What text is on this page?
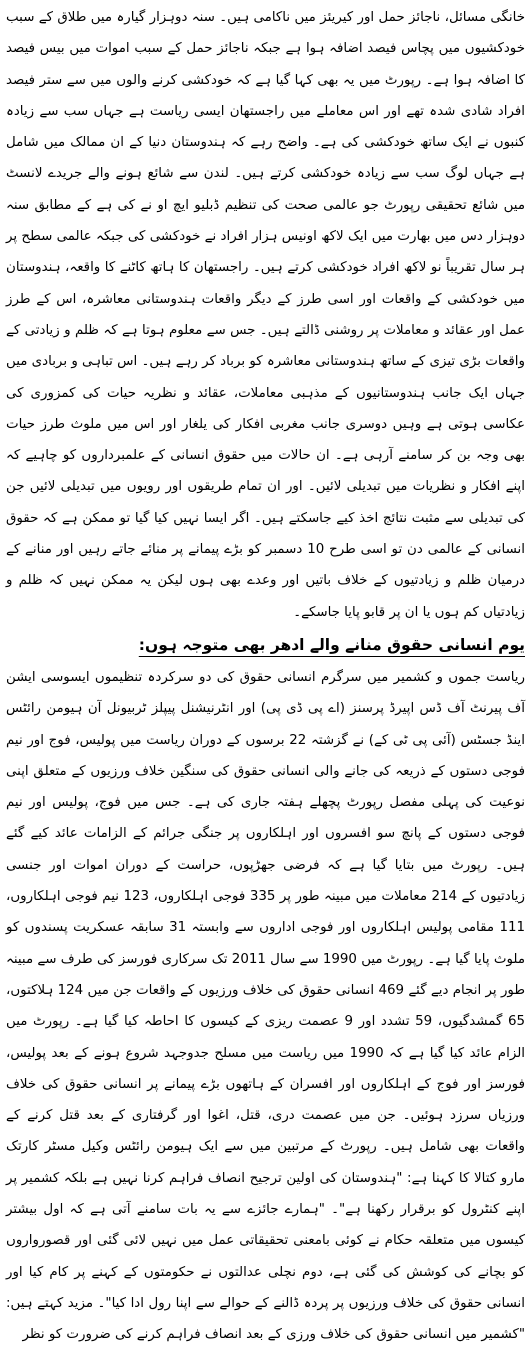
خانگی مسائل، ناجائز حمل اور کیریئز میں ناکامی ہیں۔ سنہ دوہزار گیارہ میں طلاق کے سبب خودکشیوں میں پچاس فیصد اضافہ ہوا ہے جبکہ ناجائز حمل کے سبب اموات میں بیس فیصد کا اضافہ ہوا ہے۔ رپورٹ میں یہ بھی کہا گیا ہے کہ خودکشی کرنے والوں میں سے ستر فیصد افراد شادی شدہ تھے اور اس معاملے میں راجستھان ایسی ریاست ہے جہاں سب سے زیادہ کنبوں نے ایک ساتھ خودکشی کی ہے۔ واضح رہے کہ ہندوستان دنیا کے ان ممالک میں شامل ہے جہاں لوگ سب سے زیادہ خودکشی کرتے ہیں۔ لندن سے شائع ہونے والے جریدے لانسٹ میں شائع تحقیقی رپورٹ جو عالمی صحت کی تنظیم ڈبلیو ایچ او نے کی ہے کے مطابق سنہ دوہزار دس میں بھارت میں ایک لاکھ اونیس ہزار افراد نے خودکشی کی جبکہ عالمی سطح پر ہر سال تقریباً نو لاکھ افراد خودکشی کرتے ہیں۔ راجستھان کا ہاتھ کاٹنے کا واقعہ، ہندوستان میں خودکشی کے واقعات اور اسی طرز کے دیگر واقعات ہندوستانی معاشرہ، اس کے طرز عمل اور عقائد و معاملات پر روشنی ڈالتے ہیں۔ جس سے معلوم ہوتا ہے کہ ظلم و زیادتی کے واقعات بڑی تیزی کے ساتھ ہندوستانی معاشرہ کو برباد کر رہے ہیں۔ اس تباہی و بربادی میں جہاں ایک جانب ہندوستانیوں کے مذہبی معاملات، عقائد و نظریہ حیات کی کمزوری کی عکاسی ہوتی ہے وہیں دوسری جانب مغربی افکار کی یلغار اور اس میں ملوث طرز حیات بھی وجہ بن کر سامنے آرہی ہے۔ ان حالات میں حقوق انسانی کے علمبرداروں کو چاہیے کہ اپنے افکار و نظریات میں تبدیلی لائیں۔ اور ان تمام طریقوں اور رویوں میں تبدیلی لائیں جن کی تبدیلی سے مثبت نتائج اخذ کیے جاسکتے ہیں۔ اگر ایسا نہیں کیا گیا تو ممکن ہے کہ حقوق انسانی کے عالمی دن تو اسی طرح 10 دسمبر کو بڑے پیمانے پر منائے جاتے رہیں اور منانے کے درمیان ظلم و زیادتیوں کے خلاف باتیں اور وعدے بھی ہوں لیکن یہ ممکن نہیں کہ ظلم و زیادتیاں کم ہوں یا ان پر قابو پایا جاسکے۔

یوم انسانی حقوق منانے والے ادھر بھی متوجہ ہوں:

ریاست جموں و کشمیر میں سرگرم انسانی حقوق کی دو سرکردہ تنظیموں ایسوسی ایشن آف پیرنٹ آف ڈس اپیرڈ پرسنز (اے پی ڈی پی) اور انٹرنیشنل پیپلز ٹربیونل آن ہیومن رائٹس اینڈ جسٹس (آئی پی ٹی کے) نے گزشتہ 22 برسوں کے دوران ریاست میں پولیس، فوج اور نیم فوجی دستوں کے ذریعہ کی جانے والی انسانی حقوق کی سنگین خلاف ورزیوں کے متعلق اپنی نوعیت کی پہلی مفصل رپورٹ پچھلے ہفتہ جاری کی ہے۔ جس میں فوج، پولیس اور نیم فوجی دستوں کے پانچ سو افسروں اور اہلکاروں پر جنگی جرائم کے الزامات عائد کیے گئے ہیں۔ رپورٹ میں بتایا گیا ہے کہ فرضی جھڑپوں، حراست کے دوران اموات اور جنسی زیادتیوں کے 214 معاملات میں مبینہ طور پر 335 فوجی اہلکاروں، 123 نیم فوجی اہلکاروں، 111 مقامی پولیس اہلکاروں اور فوجی اداروں سے وابستہ 31 سابقہ عسکریت پسندوں کو ملوث پایا گیا ہے۔ رپورٹ میں 1990 سے سال 2011 تک سرکاری فورسز کی طرف سے مبینہ طور پر انجام دیے گئے 469 انسانی حقوق کی خلاف ورزیوں کے واقعات جن میں 124 ہلاکتوں، 65 گمشدگیوں، 59 تشدد اور 9 عصمت ریزی کے کیسوں کا احاطہ کیا گیا ہے۔ رپورٹ میں الزام عائد کیا گیا ہے کہ 1990 میں ریاست میں مسلح جدوجہد شروع ہونے کے بعد پولیس، فورسز اور فوج کے اہلکاروں اور افسران کے ہاتھوں بڑے پیمانے پر انسانی حقوق کی خلاف ورزیاں سرزد ہوئیں۔ جن میں عصمت دری، قتل، اغوا اور گرفتاری کے بعد قتل کرنے کے واقعات بھی شامل ہیں۔ رپورٹ کے مرتبین میں سے ایک ہیومن رائٹس وکیل مسٹر کارتک مارو کتالا کا کہنا ہے: "ہندوستان کی اولین ترجیح انصاف فراہم کرنا نہیں ہے بلکہ کشمیر پر اپنے کنٹرول کو برقرار رکھنا ہے"۔ "ہمارے جائزے سے یہ بات سامنے آتی ہے کہ اول بیشتر کیسوں میں متعلقہ حکام نے کوئی بامعنی تحقیقاتی عمل میں نہیں لائی گئی اور قصورواروں کو بچانے کی کوشش کی گئی ہے، دوم نچلی عدالتوں نے حکومتوں کے کہنے پر کام کیا اور انسانی حقوق کی خلاف ورزیوں پر پردہ ڈالنے کے حوالے سے اپنا رول ادا کیا"۔ مزید کہتے ہیں: "کشمیر میں انسانی حقوق کی خلاف ورزی کے بعد انصاف فراہم کرنے کی ضرورت کو نظر
